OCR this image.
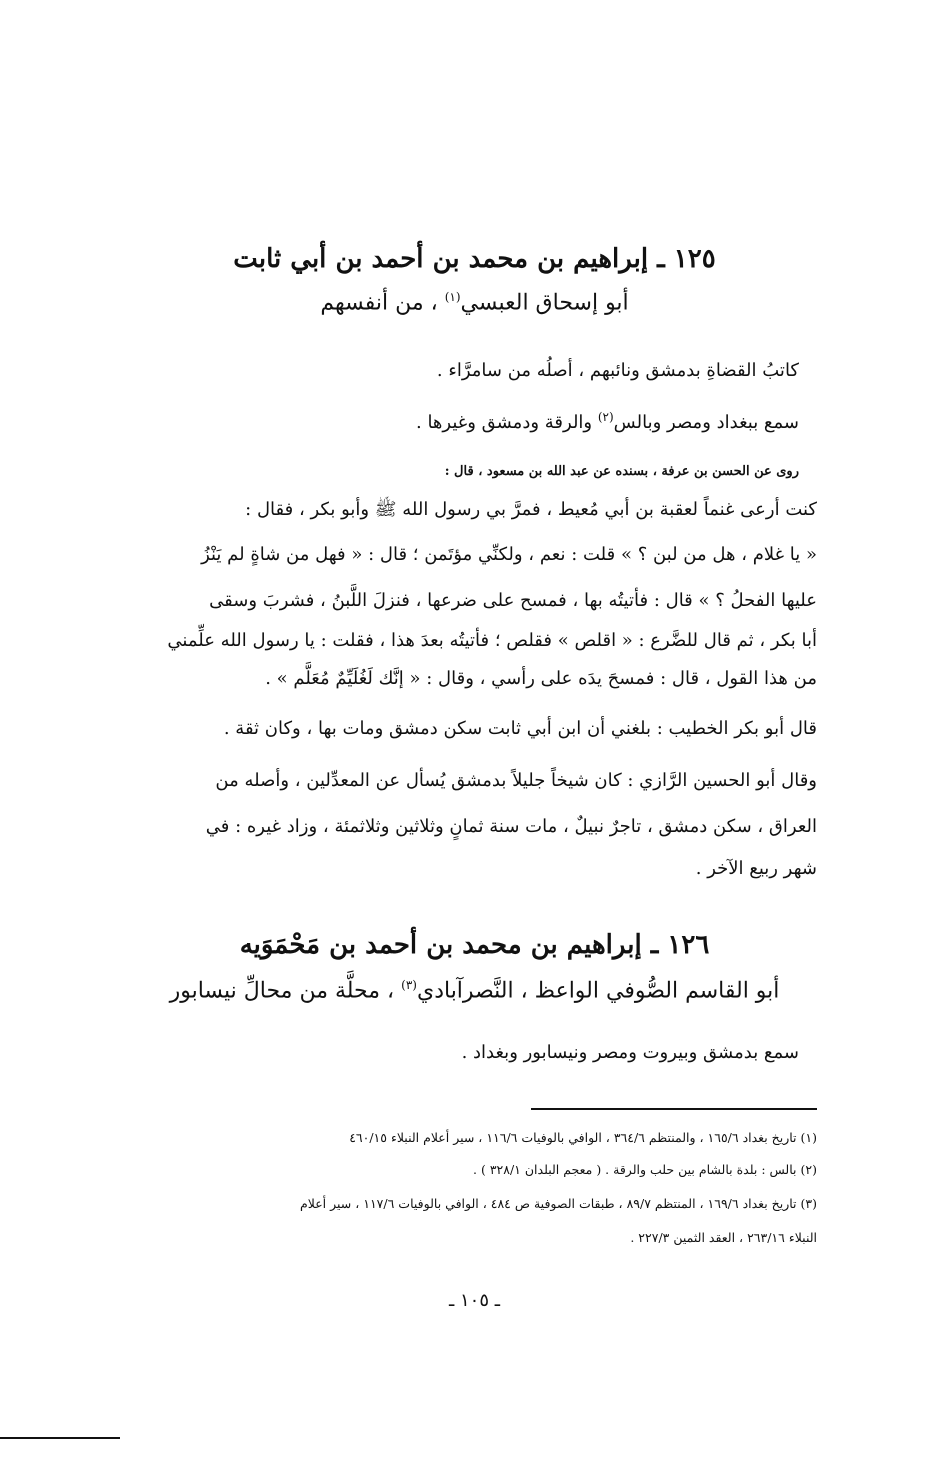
١٢٥ ـ إبراهيم بن محمد بن أحمد بن أبي ثابت
أبو إسحاق العبسي$^{(١)}$ ، من أنفسهم
كاتبُ القضاةِ بدمشق ونائبهم ، أصلُه من سامرَّاء .
سمع ببغداد ومصر وبالس$^{(٢)}$ والرقة ودمشق وغيرها .
روى عن الحسن بن عرفة ، بسنده عن عبد الله بن مسعود ، قال :
كنت أرعى غنماً لعقبة بن أبي مُعيط ، فمرَّ بي رسول الله ﷺ وأبو بكر ، فقال :
« يا غلام ، هل من لبن ؟ » قلت : نعم ، ولكنِّي مؤتَمن ؛ قال : « فهل من شاةٍ لم يَنْزُ
عليها الفحلُ ؟ » قال : فأتيتُه بها ، فمسح على ضرعها ، فنزلَ اللَّبنُ ، فشربَ وسقى
أبا بكر ، ثم قال للضَّرع : « اقلص » فقلص ؛ فأتيتُه بعدَ هذا ، فقلت : يا رسول الله علِّمني
من هذا القول ، قال : فمسحَ يدَه على رأسي ، وقال : « إنَّك لَغُلَيِّمٌ مُعَلَّم » .
قال أبو بكر الخطيب : بلغني أن ابن أبي ثابت سكن دمشق ومات بها ، وكان ثقة .
وقال أبو الحسين الرَّازي : كان شيخاً جليلاً بدمشق يُسأل عن المعدِّلين ، وأصله من
العراق ، سكن دمشق ، تاجرٌ نبيلٌ ، مات سنة ثمانٍ وثلاثين وثلاثمئة ، وزاد غيره : في
شهر ربيع الآخر .
١٢٦ ـ إبراهيم بن محمد بن أحمد بن مَحْمَوَيه
أبو القاسم الصُّوفي الواعظ ، النَّصرآبادي$^{(٣)}$ ، محلَّة من محالِّ نيسابور
سمع بدمشق وبيروت ومصر ونيسابور وبغداد .
(١) تاريخ بغداد ١٦٥/٦ ، والمنتظم ٣٦٤/٦ ، الوافي بالوفيات ١١٦/٦ ، سير أعلام النبلاء ٤٦٠/١٥
(٢) بالس : بلدة بالشام بين حلب والرقة . ( معجم البلدان ٣٢٨/١ ) .
(٣) تاريخ بغداد ١٦٩/٦ ، المنتظم ٨٩/٧ ، طبقات الصوفية ص ٤٨٤ ، الوافي بالوفيات ١١٧/٦ ، سير أعلام
النبلاء ٢٦٣/١٦ ، العقد الثمين ٢٢٧/٣ .
ـ ١٠٥ ـ
